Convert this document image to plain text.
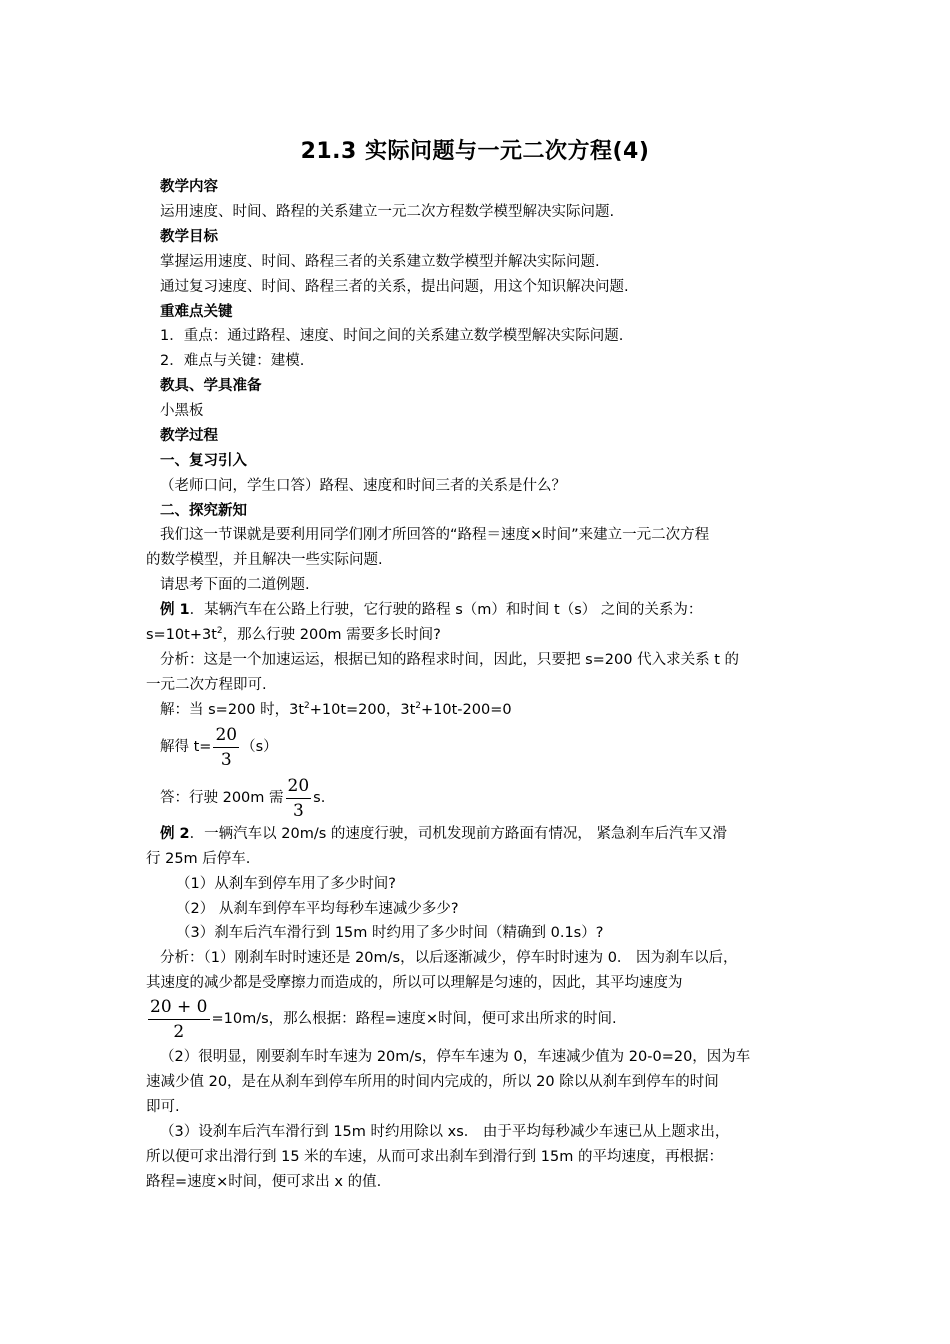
21.3 实际问题与一元二次方程(4)
教学内容
运用速度、时间、路程的关系建立一元二次方程数学模型解决实际问题.
教学目标
掌握运用速度、时间、路程三者的关系建立数学模型并解决实际问题.
通过复习速度、时间、路程三者的关系，提出问题，用这个知识解决问题.
重难点关键
1．重点：通过路程、速度、时间之间的关系建立数学模型解决实际问题.
2．难点与关键：建模.
教具、学具准备
小黑板
教学过程
一、复习引入
（老师口问，学生口答）路程、速度和时间三者的关系是什么？
二、探究新知
我们这一节课就是要利用同学们刚才所回答的“路程＝速度×时间”来建立一元二次方程
的数学模型，并且解决一些实际问题.
请思考下面的二道例题.
例 1．某辆汽车在公路上行驶，它行驶的路程 s（m）和时间 t（s） 之间的关系为：
$s=10t+3t^2$，那么行驶 200m 需要多长时间?
分析：这是一个加速运运，根据已知的路程求时间，因此，只要把 s=200 代入求关系 t 的
一元二次方程即可.
解：当 s=200 时，$3t^2+10t=200$，$3t^2+10t-200=0$
解得 $t= \frac{20}{3} (s)$
答：行驶 200m 需 $\frac{20}{3} s$.
例 2．一辆汽车以 20m/s 的速度行驶，司机发现前方路面有情况， 紧急刹车后汽车又滑
行 25m 后停车.
（1）从刹车到停车用了多少时间?
（2） 从刹车到停车平均每秒车速减少多少?
（3）刹车后汽车滑行到 15m 时约用了多少时间（精确到 0.1s）?
分析：（1）刚刹车时时速还是 20m/s，以后逐渐减少，停车时时速为 0． 因为刹车以后，
其速度的减少都是受摩擦力而造成的，所以可以理解是匀速的，因此，其平均速度为
$\frac{20 + 0}{2} =10m/s$，那么根据：路程=速度×时间，便可求出所求的时间.
（2）很明显，刚要刹车时车速为 20m/s，停车车速为 0，车速减少值为 20-0=20，因为车
速减少值 20，是在从刹车到停车所用的时间内完成的，所以 20 除以从刹车到停车的时间
即可.
（3）设刹车后汽车滑行到 15m 时约用除以 xs． 由于平均每秒减少车速已从上题求出，
所以便可求出滑行到 15 米的车速，从而可求出刹车到滑行到 15m 的平均速度，再根据：
路程=速度×时间，便可求出 x 的值.
